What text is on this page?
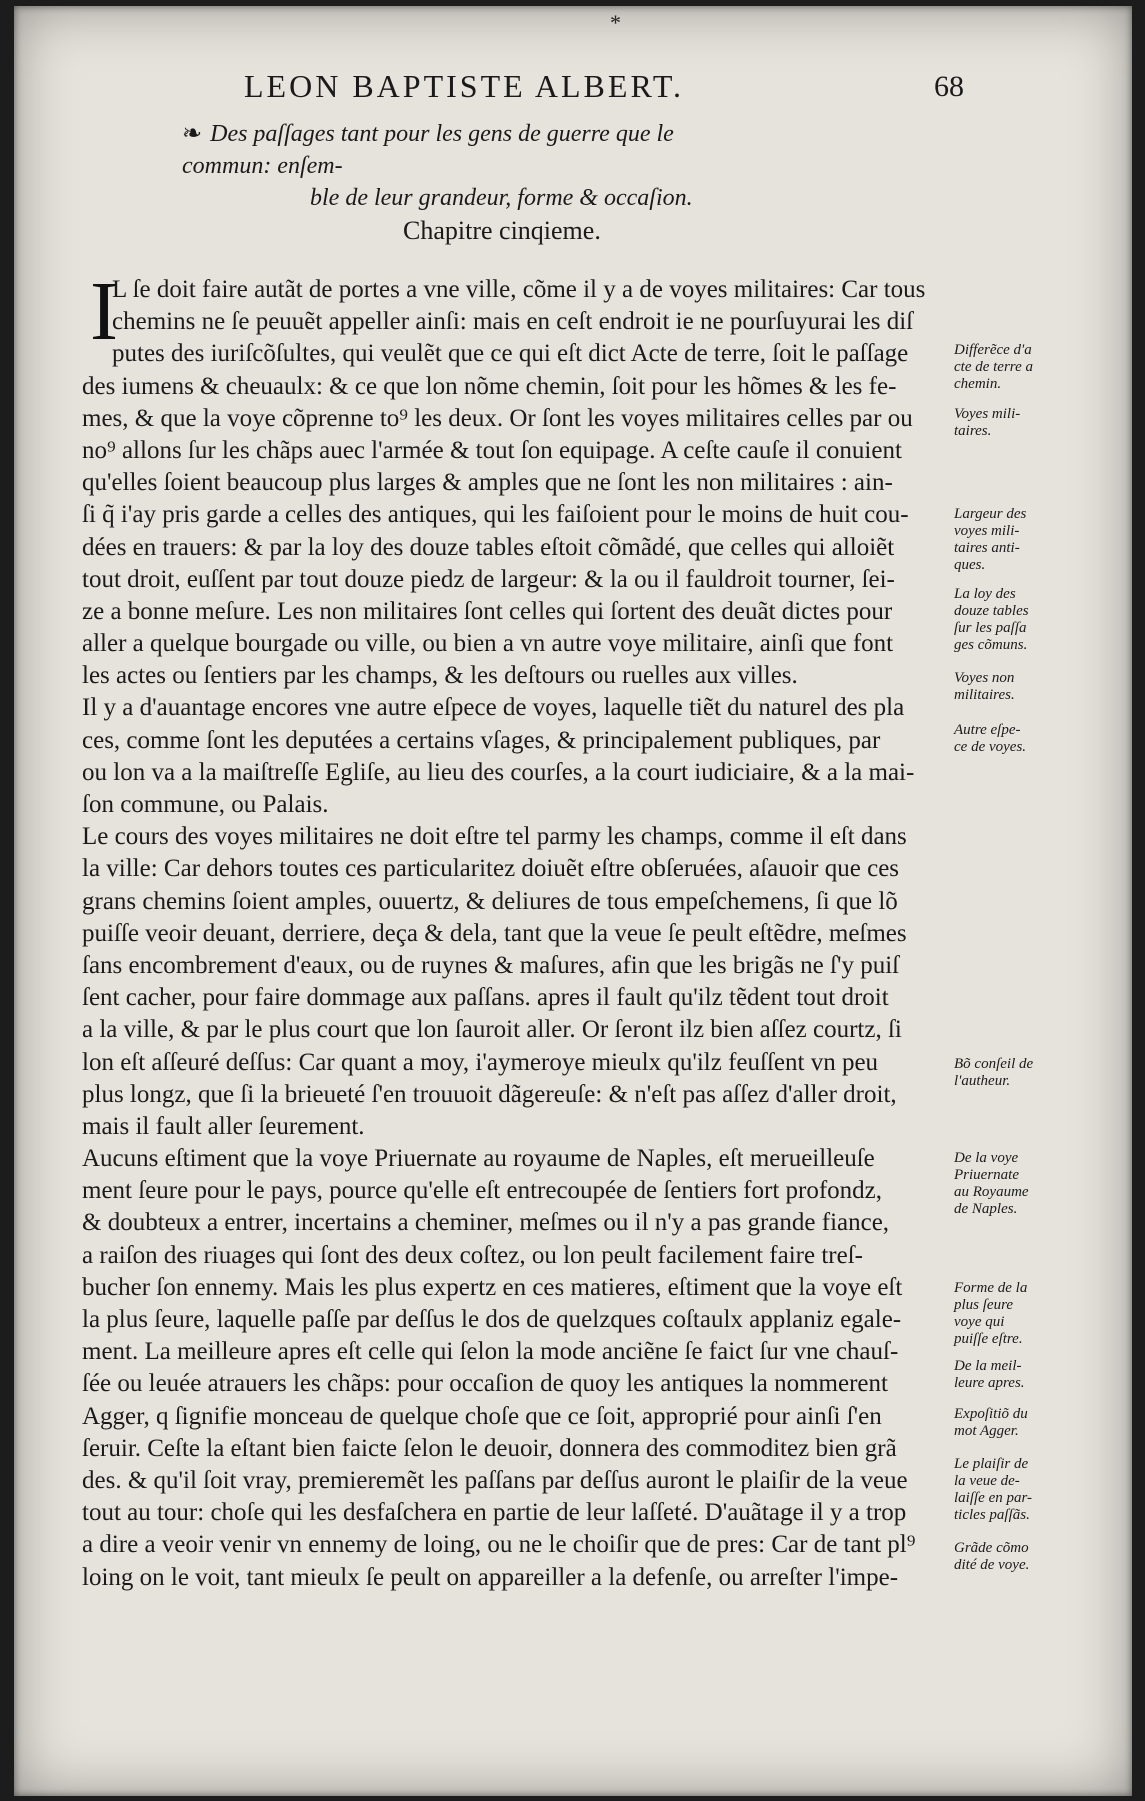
*
LEON BAPTISTE ALBERT.	68
❧ Des paſſages tant pour les gens de guerre que le commun: enſem-
ble de leur grandeur, forme & occaſion.
Chapitre cinqieme.
I
L ſe doit faire autãt de portes a vne ville, cõme il y a de voyes militaires: Car tous
chemins ne ſe peuuẽt appeller ainſi: mais en ceſt endroit ie ne pourſuyurai les diſ
putes des iuriſcõſultes, qui veulẽt que ce qui eſt dict Acte de terre, ſoit le paſſage
des iumens & cheuaulx: & ce que lon nõme chemin, ſoit pour les hõmes & les fe-
mes, & que la voye cõprenne to⁹ les deux. Or ſont les voyes militaires celles par ou
no⁹ allons ſur les chãps auec l'armée & tout ſon equipage. A ceſte cauſe il conuient
qu'elles ſoient beaucoup plus larges & amples que ne ſont les non militaires : ain-
ſi q̃ i'ay pris garde a celles des antiques, qui les faiſoient pour le moins de huit cou-
dées en trauers: & par la loy des douze tables eſtoit cõmãdé, que celles qui alloiẽt
tout droit, euſſent par tout douze piedz de largeur: & la ou il fauldroit tourner, ſei-
ze a bonne meſure. Les non militaires ſont celles qui ſortent des deuãt dictes pour
aller a quelque bourgade ou ville, ou bien a vn autre voye militaire, ainſi que font
les actes ou ſentiers par les champs, & les deſtours ou ruelles aux villes.
Il y a d'auantage encores vne autre eſpece de voyes, laquelle tiẽt du naturel des pla
ces, comme ſont les deputées a certains vſages, & principalement publiques, par
ou lon va a la maiſtreſſe Egliſe, au lieu des courſes, a la court iudiciaire, & a la mai-
ſon commune, ou Palais.
Le cours des voyes militaires ne doit eſtre tel parmy les champs, comme il eſt dans
la ville: Car dehors toutes ces particularitez doiuẽt eſtre obſeruées, aſauoir que ces
grans chemins ſoient amples, ouuertz, & deliures de tous empeſchemens, ſi que lõ
puiſſe veoir deuant, derriere, deça & dela, tant que la veue ſe peult eſtẽdre, meſmes
ſans encombrement d'eaux, ou de ruynes & maſures, afin que les brigãs ne ſ'y puiſ
ſent cacher, pour faire dommage aux paſſans. apres il fault qu'ilz tẽdent tout droit
a la ville, & par le plus court que lon ſauroit aller. Or ſeront ilz bien aſſez courtz, ſi
lon eſt aſſeuré deſſus: Car quant a moy, i'aymeroye mieulx qu'ilz feuſſent vn peu
plus longz, que ſi la brieueté ſ'en trouuoit dãgereuſe: & n'eſt pas aſſez d'aller droit,
mais il fault aller ſeurement.
Aucuns eſtiment que la voye Priuernate au royaume de Naples, eſt merueilleuſe
ment ſeure pour le pays, pource qu'elle eſt entrecoupée de ſentiers fort profondz,
& doubteux a entrer, incertains a cheminer, meſmes ou il n'y a pas grande fiance,
a raiſon des riuages qui ſont des deux coſtez, ou lon peult facilement faire treſ-
bucher ſon ennemy. Mais les plus expertz en ces matieres, eſtiment que la voye eſt
la plus ſeure, laquelle paſſe par deſſus le dos de quelzques coſtaulx applaniz egale-
ment. La meilleure apres eſt celle qui ſelon la mode anciẽne ſe faict ſur vne chauſ-
ſée ou leuée atrauers les chãps: pour occaſion de quoy les antiques la nommerent
Agger, q ſignifie monceau de quelque choſe que ce ſoit, approprié pour ainſi ſ'en
ſeruir. Ceſte la eſtant bien faicte ſelon le deuoir, donnera des commoditez bien grã
des. & qu'il ſoit vray, premieremẽt les paſſans par deſſus auront le plaiſir de la veue
tout au tour: choſe qui les desfaſchera en partie de leur laſſeté. D'auãtage il y a trop
a dire a veoir venir vn ennemy de loing, ou ne le choiſir que de pres: Car de tant pl⁹
loing on le voit, tant mieulx ſe peult on appareiller a la defenſe, ou arreſter l'impe-
Differẽce d'a
cte de terre a
chemin.
Voyes mili-
taires.
Largeur des
voyes mili-
taires anti-
ques.
La loy des
douze tables
ſur les paſſa
ges cõmuns.
Voyes non
militaires.
Autre eſpe-
ce de voyes.
Bõ conſeil de
l'autheur.
De la voye
Priuernate
au Royaume
de Naples.
Forme de la
plus ſeure
voye qui
puiſſe eſtre.
De la meil-
leure apres.
Expoſitiõ du
mot Agger.
Le plaiſir de
la veue de-
laiſſe en par-
ticles paſſãs.
Grãde cõmo
dité de voye.
